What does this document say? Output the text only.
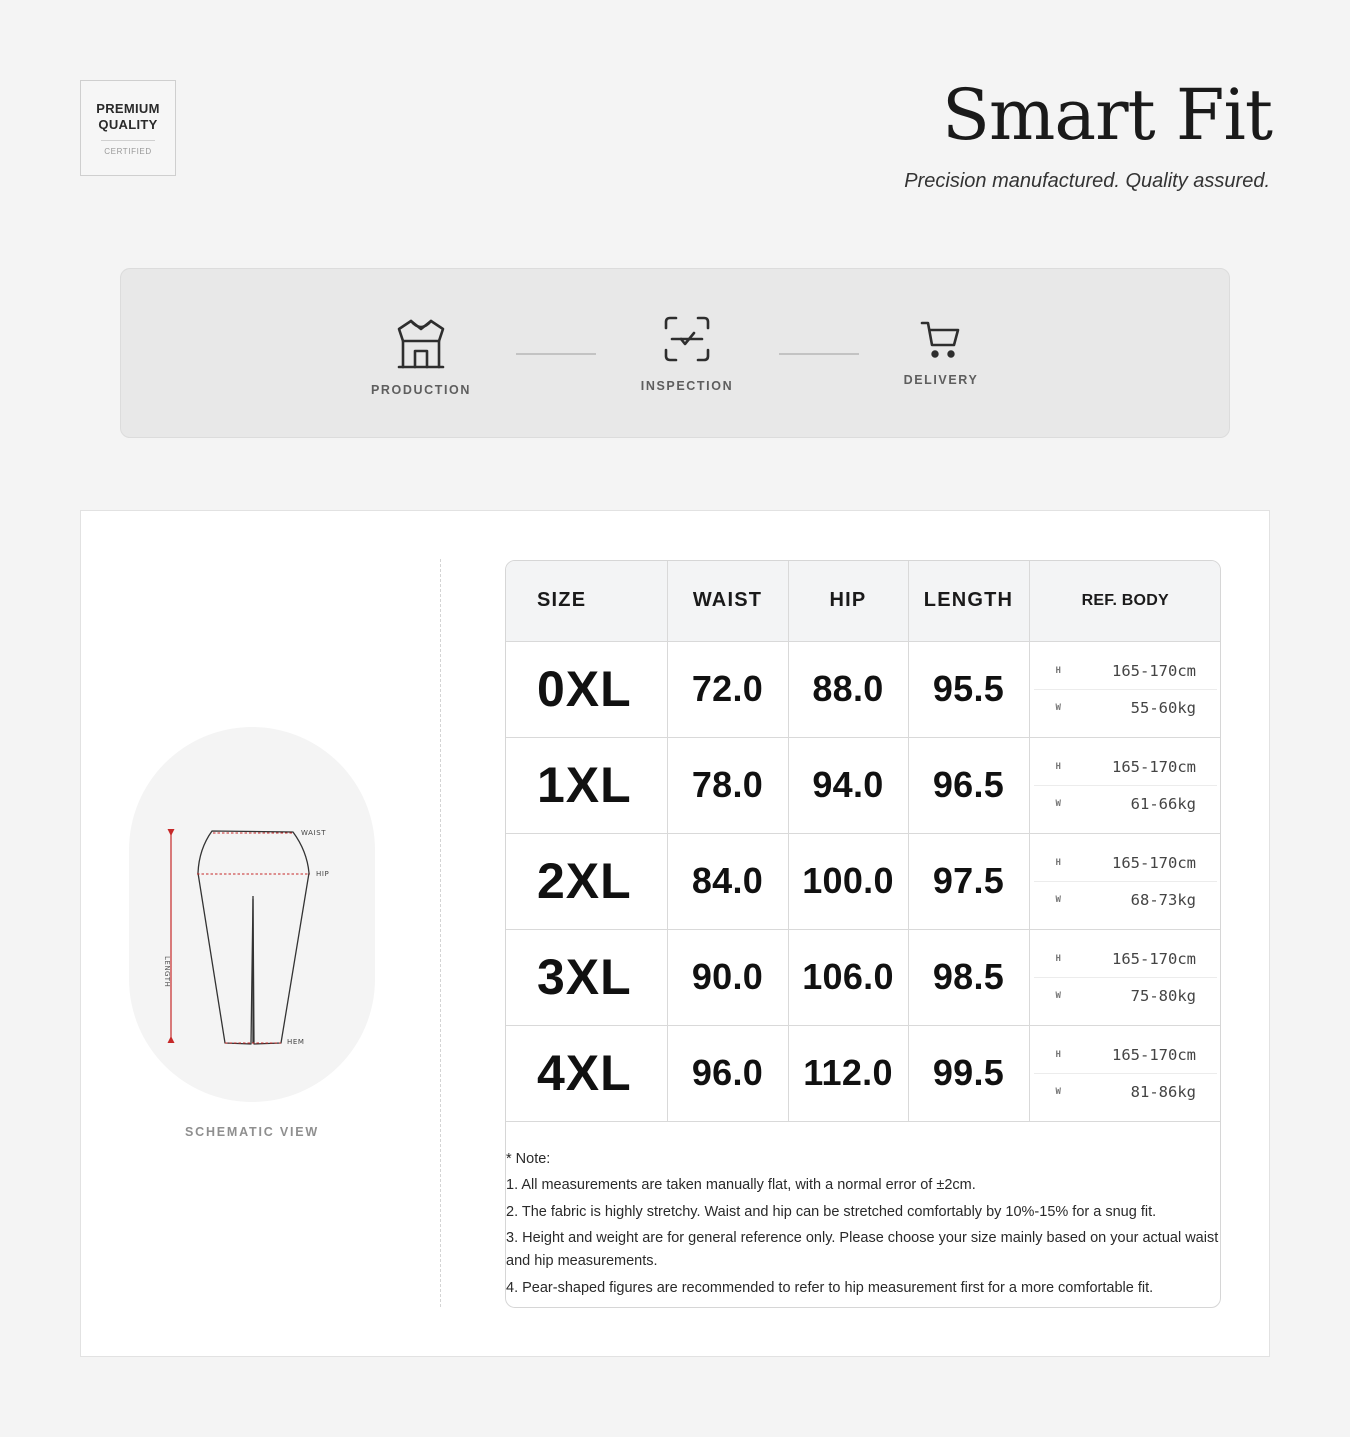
PREMIUM
QUALITY
CERTIFIED	Smart Fit
Precision manufactured. Quality assured.
PRODUCTION	INSPECTION	DELIVERY
LENGTH
WAIST
HIP
HEM
SCHEMATIC VIEW
SIZE	WAIST	HIP	LENGTH	REF. BODY
0XL	72.0	88.0	95.5	H 165-170cm
W 55-60kg

1XL	78.0	94.0	96.5	H 165-170cm
W 61-66kg

2XL	84.0	100.0	97.5	H 165-170cm
W 68-73kg

3XL	90.0	106.0	98.5	H 165-170cm
W 75-80kg

4XL	96.0	112.0	99.5	H 165-170cm
W 81-86kg

* Note:

1. All measurements are taken manually flat, with a normal error of ±2cm.

2. The fabric is highly stretchy. Waist and hip can be stretched comfortably by 10%-15% for a snug fit.

3. Height and weight are for general reference only. Please choose your size mainly based on your actual waist and hip measurements.

4. Pear-shaped figures are recommended to refer to hip measurement first for a more comfortable fit.
